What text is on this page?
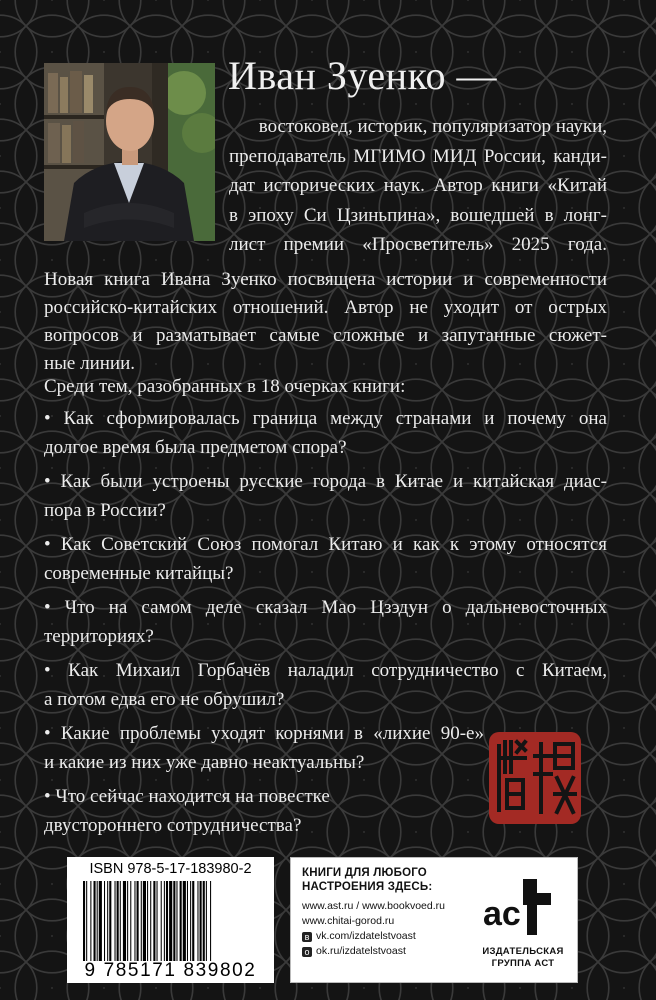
Иван Зуенко —
востоковед, историк, популяризатор науки,
преподаватель МГИМО МИД России, канди-
дат исторических наук. Автор книги «Китай
в эпоху Си Цзиньпина», вошедшей в лонг-
лист премии «Просветитель» 2025 года.
Новая книга Ивана Зуенко посвящена истории и современности
российско-китайских отношений. Автор не уходит от острых
вопросов и разматывает самые сложные и запутанные сюжет-
ные линии.
Среди тем, разобранных в 18 очерках книги:
• Как сформировалась граница между странами и почему она
долгое время была предметом спора?
• Как были устроены русские города в Китае и китайская диас-
пора в России?
• Как Советский Союз помогал Китаю и как к этому относятся
современные китайцы?
• Что на самом деле сказал Мао Цзэдун о дальневосточных
территориях?
• Как Михаил Горбачёв наладил сотрудничество с Китаем,
а потом едва его не обрушил?
• Какие проблемы уходят корнями в «лихие 90-е»
и какие из них уже давно неактуальны?
• Что сейчас находится на повестке
двустороннего сотрудничества?
ISBN 978-5-17-183980-2
9 785171 839802
КНИГИ ДЛЯ ЛЮБОГО НАСТРОЕНИЯ ЗДЕСЬ:
www.ast.ru / www.bookvoed.ru
www.chitai-gorod.ru
в vk.com/izdatelstvoast
о ok.ru/izdatelstvoast
ac
ИЗДАТЕЛЬСКАЯ ГРУППА АСТ
